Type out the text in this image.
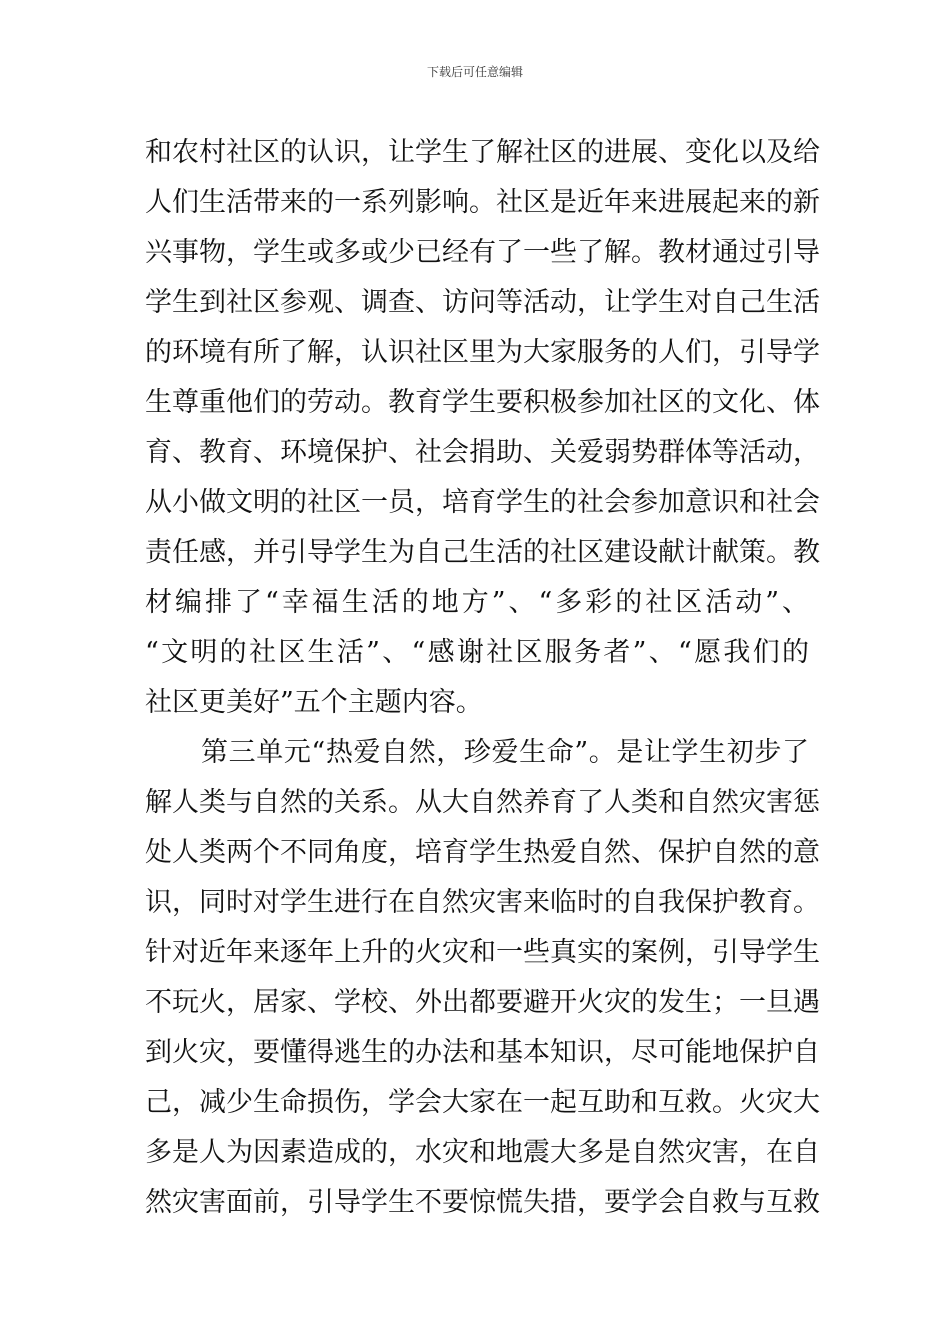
下载后可任意编辑
和农村社区的认识，让学生了解社区的进展、变化以及给
人们生活带来的一系列影响。社区是近年来进展起来的新
兴事物，学生或多或少已经有了一些了解。教材通过引导
学生到社区参观、调查、访问等活动，让学生对自己生活
的环境有所了解，认识社区里为大家服务的人们，引导学
生尊重他们的劳动。教育学生要积极参加社区的文化、体
育、教育、环境保护、社会捐助、关爱弱势群体等活动，
从小做文明的社区一员，培育学生的社会参加意识和社会
责任感，并引导学生为自己生活的社区建设献计献策。教
材编排了“幸福生活的地方”、“多彩的社区活动”、
“文明的社区生活”、“感谢社区服务者”、“愿我们的
社区更美好”五个主题内容。
第三单元“热爱自然，珍爱生命”。是让学生初步了
解人类与自然的关系。从大自然养育了人类和自然灾害惩
处人类两个不同角度，培育学生热爱自然、保护自然的意
识，同时对学生进行在自然灾害来临时的自我保护教育。
针对近年来逐年上升的火灾和一些真实的案例，引导学生
不玩火，居家、学校、外出都要避开火灾的发生；一旦遇
到火灾，要懂得逃生的办法和基本知识，尽可能地保护自
己，减少生命损伤，学会大家在一起互助和互救。火灾大
多是人为因素造成的，水灾和地震大多是自然灾害，在自
然灾害面前，引导学生不要惊慌失措，要学会自救与互救
